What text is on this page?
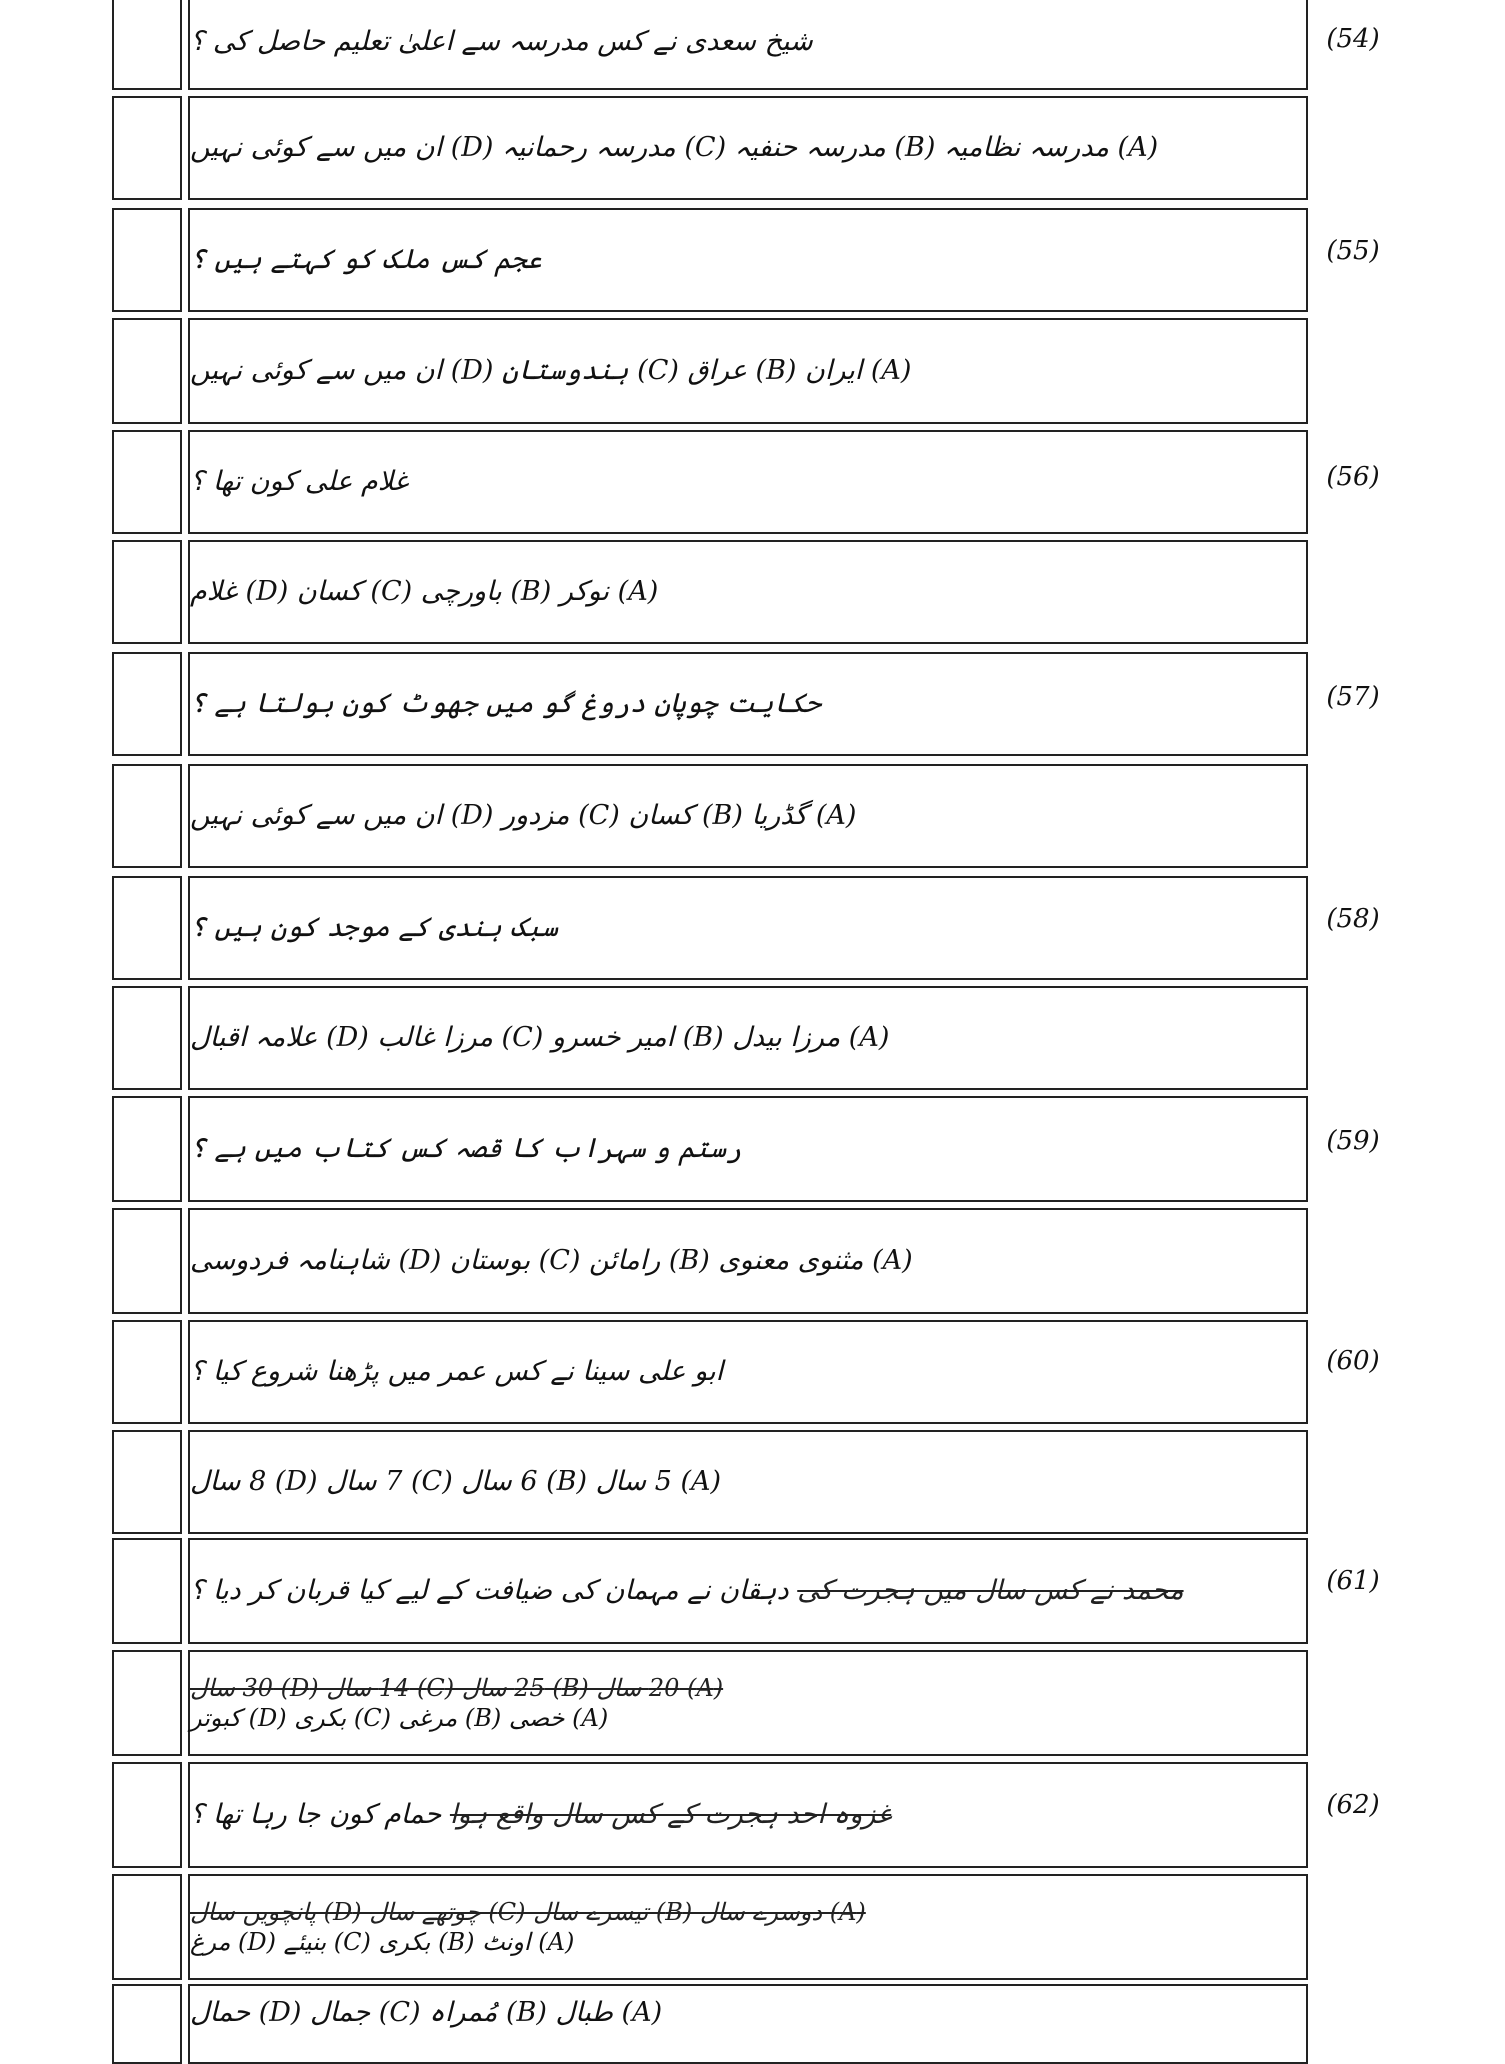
شیخ سعدی نے کس مدرسہ سے اعلیٰ تعلیم حاصل کی ؟	(54)
(A) مدرسہ نظامیہ (B) مدرسہ حنفیہ (C) مدرسہ رحمانیہ (D) ان میں سے کوئی نہیں
عجم کس ملک کو کہتے ہیں ؟	(55)
(A) ایران (B) عراق (C) ہندوستان (D) ان میں سے کوئی نہیں
غلام علی کون تھا ؟	(56)
(A) نوکر (B) باورچی (C) کسان (D) غلام
حکایت چوپان دروغ گو میں جھوٹ کون بولتا ہے ؟	(57)
(A) گڈریا (B) کسان (C) مزدور (D) ان میں سے کوئی نہیں
سبک ہندی کے موجد کون ہیں ؟	(58)
(A) مرزا بیدل (B) امیر خسرو (C) مرزا غالب (D) علامہ اقبال
رستم و سہراب کا قصہ کس کتاب میں ہے ؟	(59)
(A) مثنوی معنوی (B) رامائن (C) بوستان (D) شاہنامہ فردوسی
ابو علی سینا نے کس عمر میں پڑھنا شروع کیا ؟	(60)
(A) 5 سال (B) 6 سال (C) 7 سال (D) 8 سال
محمد نے کس سال میں ہجرت کی دہقان نے مہمان کی ضیافت کے لیے کیا قربان کر دیا ؟	(61)
(A) 20 سال (B) 25 سال (C) 14 سال (D) 30 سال
(A) خصی (B) مرغی (C) بکری (D) کبوتر
غزوہ احد ہجرت کے کس سال واقع ہوا حمام کون جا رہا تھا ؟	(62)
(A) دوسرے سال (B) تیسرے سال (C) چوتھے سال (D) پانچویں سال
(A) اونٹ (B) بکری (C) بنیئے (D) مرغ
(A) طبال (B) مُمراہ (C) جمال (D) حمال
